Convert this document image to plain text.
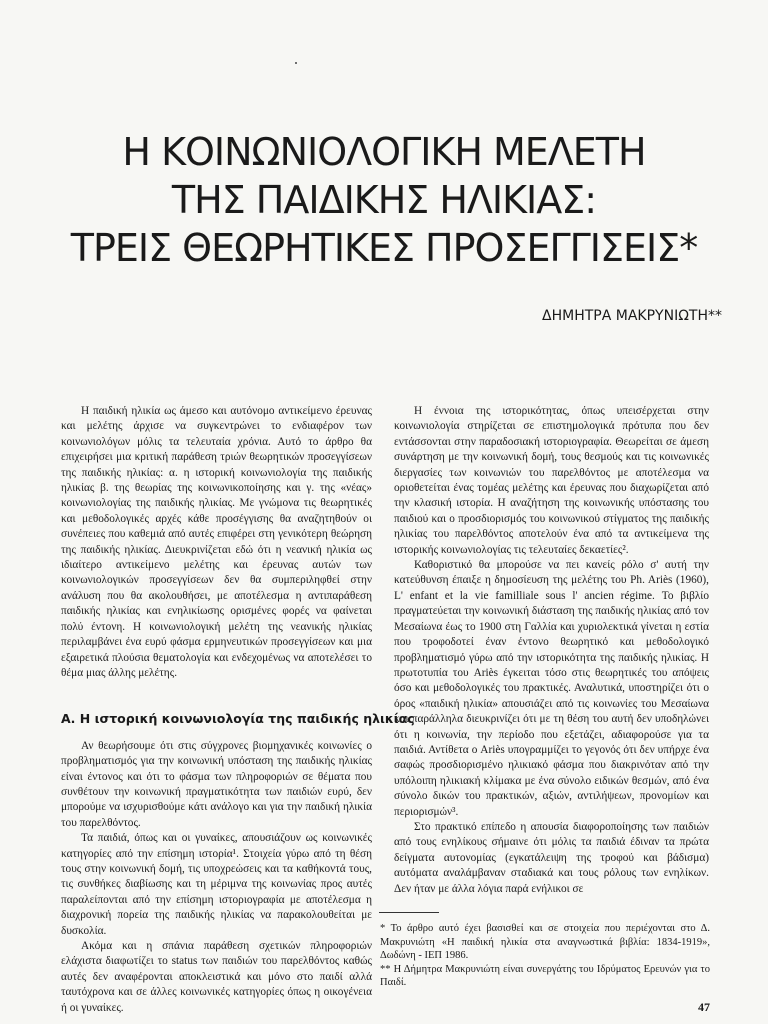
Η ΚΟΙΝΩΝΙΟΛΟΓΙΚΗ ΜΕΛΕΤΗ
ΤΗΣ ΠΑΙΔΙΚΗΣ ΗΛΙΚΙΑΣ:
ΤΡΕΙΣ ΘΕΩΡΗΤΙΚΕΣ ΠΡΟΣΕΓΓΙΣΕΙΣ*
ΔΗΜΗΤΡΑ ΜΑΚΡΥΝΙΩΤΗ**

Η παιδική ηλικία ως άμεσο και αυτόνομο αντικείμενο έρευνας και μελέτης άρχισε να συγκεντρώνει το ενδιαφέρον των κοινωνιολόγων μόλις τα τελευταία χρόνια. Αυτό το άρθρο θα επιχειρήσει μια κριτική παράθεση τριών θεωρητικών προσεγγίσεων της παιδικής ηλικίας: α. η ιστορική κοινωνιολογία της παιδικής ηλικίας β. της θεωρίας της κοινωνικοποίησης και γ. της «νέας» κοινωνιολογίας της παιδικής ηλικίας. Με γνώμονα τις θεωρητικές και μεθοδολογικές αρχές κάθε προσέγγισης θα αναζητηθούν οι συνέπειες που καθεμιά από αυτές επιφέρει στη γενικότερη θεώρηση της παιδικής ηλικίας. Διευκρινίζεται εδώ ότι η νεανική ηλικία ως ιδιαίτερο αντικείμενο μελέτης και έρευνας αυτών των κοινωνιολογικών προσεγγίσεων δεν θα συμπεριληφθεί στην ανάλυση που θα ακολουθήσει, με αποτέλεσμα η αντιπαράθεση παιδικής ηλικίας και ενηλικίωσης ορισμένες φορές να φαίνεται πολύ έντονη. Η κοινωνιολογική μελέτη της νεανικής ηλικίας περιλαμβάνει ένα ευρύ φάσμα ερμηνευτικών προσεγγίσεων και μια εξαιρετικά πλούσια θεματολογία και ενδεχομένως να αποτελέσει το θέμα μιας άλλης μελέτης.

Α. Η ιστορική κοινωνιολογία της παιδικής ηλικίας

Αν θεωρήσουμε ότι στις σύγχρονες βιομηχανικές κοινωνίες ο προβληματισμός για την κοινωνική υπόσταση της παιδικής ηλικίας είναι έντονος και ότι το φάσμα των πληροφοριών σε θέματα που συνθέτουν την κοινωνική πραγματικότητα των παιδιών ευρύ, δεν μπορούμε να ισχυρισθούμε κάτι ανάλογο και για την παιδική ηλικία του παρελθόντος.

Τα παιδιά, όπως και οι γυναίκες, απουσιάζουν ως κοινωνικές κατηγορίες από την επίσημη ιστορία¹. Στοιχεία γύρω από τη θέση τους στην κοινωνική δομή, τις υποχρεώσεις και τα καθήκοντά τους, τις συνθήκες διαβίωσης και τη μέριμνα της κοινωνίας προς αυτές παραλείπονται από την επίσημη ιστοριογραφία με αποτέλεσμα η διαχρονική πορεία της παιδικής ηλικίας να παρακολουθείται με δυσκολία.

Ακόμα και η σπάνια παράθεση σχετικών πληροφοριών ελάχιστα διαφωτίζει το status των παιδιών του παρελθόντος καθώς αυτές δεν αναφέρονται αποκλειστικά και μόνο στο παιδί αλλά ταυτόχρονα και σε άλλες κοινωνικές κατηγορίες όπως η οικογένεια ή οι γυναίκες.

Η έννοια της ιστορικότητας, όπως υπεισέρχεται στην κοινωνιολογία στηρίζεται σε επιστημολογικά πρότυπα που δεν εντάσσονται στην παραδοσιακή ιστοριογραφία. Θεωρείται σε άμεση συνάρτηση με την κοινωνική δομή, τους θεσμούς και τις κοινωνικές διεργασίες των κοινωνιών του παρελθόντος με αποτέλεσμα να οριοθετείται ένας τομέας μελέτης και έρευνας που διαχωρίζεται από την κλασική ιστορία. Η αναζήτηση της κοινωνικής υπόστασης του παιδιού και ο προσδιορισμός του κοινωνικού στίγματος της παιδικής ηλικίας του παρελθόντος αποτελούν ένα από τα αντικείμενα της ιστορικής κοινωνιολογίας τις τελευταίες δεκαετίες².

Καθοριστικό θα μπορούσε να πει κανείς ρόλο σ' αυτή την κατεύθυνση έπαιξε η δημοσίευση της μελέτης του Ph. Ariès (1960), L' enfant et la vie familliale sous l' ancien régime. Το βιβλίο πραγματεύεται την κοινωνική διάσταση της παιδικής ηλικίας από τον Μεσαίωνα έως το 1900 στη Γαλλία και χυριολεκτικά γίνεται η εστία που τροφοδοτεί έναν έντονο θεωρητικό και μεθοδολογικό προβληματισμό γύρω από την ιστορικότητα της παιδικής ηλικίας. Η πρωτοτυπία του Ariès έγκειται τόσο στις θεωρητικές του απόψεις όσο και μεθοδολογικές του πρακτικές. Αναλυτικά, υποστηρίζει ότι ο όρος «παιδική ηλικία» απουσιάζει από τις κοινωνίες του Μεσαίωνα και παράλληλα διευκρινίζει ότι με τη θέση του αυτή δεν υποδηλώνει ότι η κοινωνία, την περίοδο που εξετάζει, αδιαφορούσε για τα παιδιά. Αντίθετα ο Ariès υπογραμμίζει το γεγονός ότι δεν υπήρχε ένα σαφώς προσδιορισμένο ηλικιακό φάσμα που διακρινόταν από την υπόλοιπη ηλικιακή κλίμακα με ένα σύνολο ειδικών θεσμών, από ένα σύνολο δικών του πρακτικών, αξιών, αντιλήψεων, προνομίων και περιορισμών³.

Στο πρακτικό επίπεδο η απουσία διαφοροποίησης των παιδιών από τους ενηλίκους σήμαινε ότι μόλις τα παιδιά έδιναν τα πρώτα δείγματα αυτονομίας (εγκατάλειψη της τροφού και βάδισμα) αυτόματα αναλάμβαναν σταδιακά και τους ρόλους των ενηλίκων. Δεν ήταν με άλλα λόγια παρά ενήλικοι σε

* Το άρθρο αυτό έχει βασισθεί και σε στοιχεία που περιέχονται στο Δ. Μακρυνιώτη «Η παιδική ηλικία στα αναγνωστικά βιβλία: 1834-1919», Δωδώνη - ΙΕΠ 1986.

** Η Δήμητρα Μακρυνιώτη είναι συνεργάτης του Ιδρύματος Ερευνών για το Παιδί.

47
